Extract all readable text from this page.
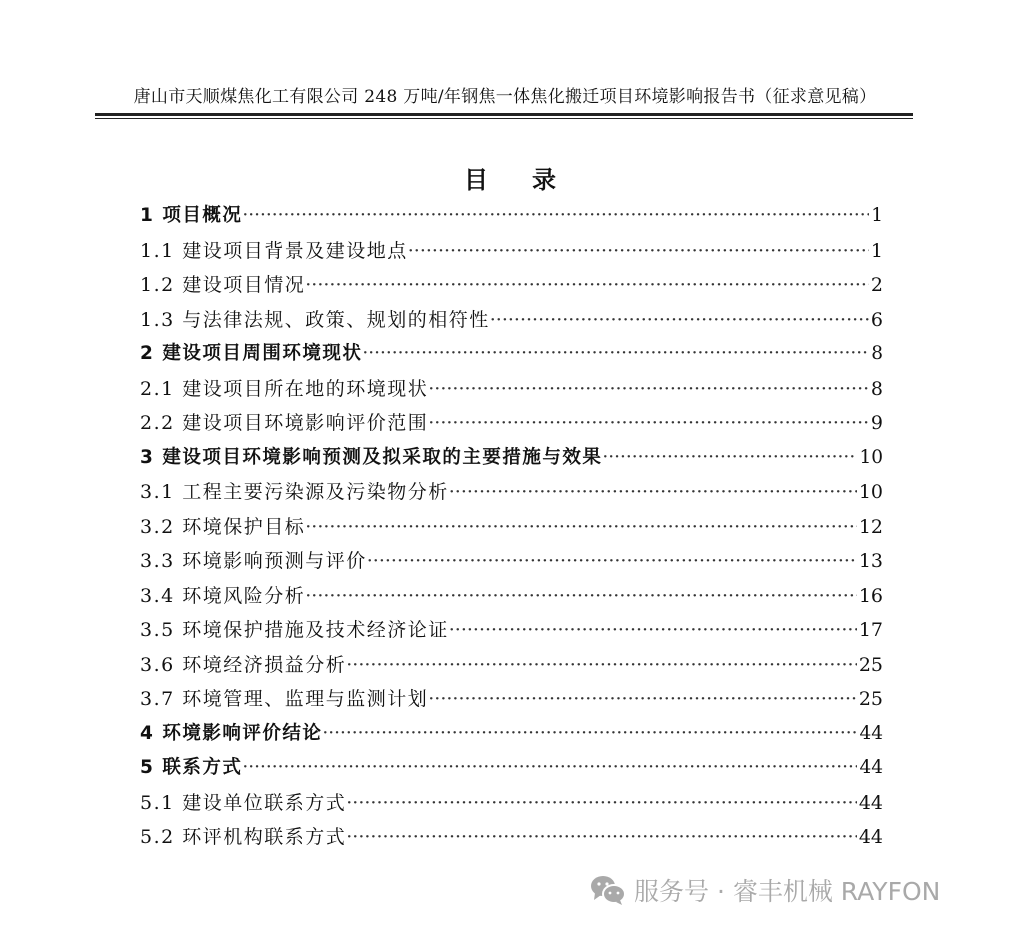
唐山市天顺煤焦化工有限公司 248 万吨/年钢焦一体焦化搬迁项目环境影响报告书（征求意见稿）
目录
1 项目概况 ·····	1
1.1 建设项目背景及建设地点 ·····	1
1.2 建设项目情况 ·····	2
1.3 与法律法规、政策、规划的相符性 ·····	6
2 建设项目周围环境现状 ·····	8
2.1 建设项目所在地的环境现状 ·····	8
2.2 建设项目环境影响评价范围 ·····	9
3 建设项目环境影响预测及拟采取的主要措施与效果 ·····	10
3.1 工程主要污染源及污染物分析 ·····	10
3.2 环境保护目标 ·····	12
3.3 环境影响预测与评价 ·····	13
3.4 环境风险分析 ·····	16
3.5 环境保护措施及技术经济论证 ·····	17
3.6 环境经济损益分析 ·····	25
3.7 环境管理、监理与监测计划 ·····	25
4 环境影响评价结论 ·····	44
5 联系方式 ·····	44
5.1 建设单位联系方式 ·····	44
5.2 环评机构联系方式 ·····	44
服务号 · 睿丰机械 RAYFON
